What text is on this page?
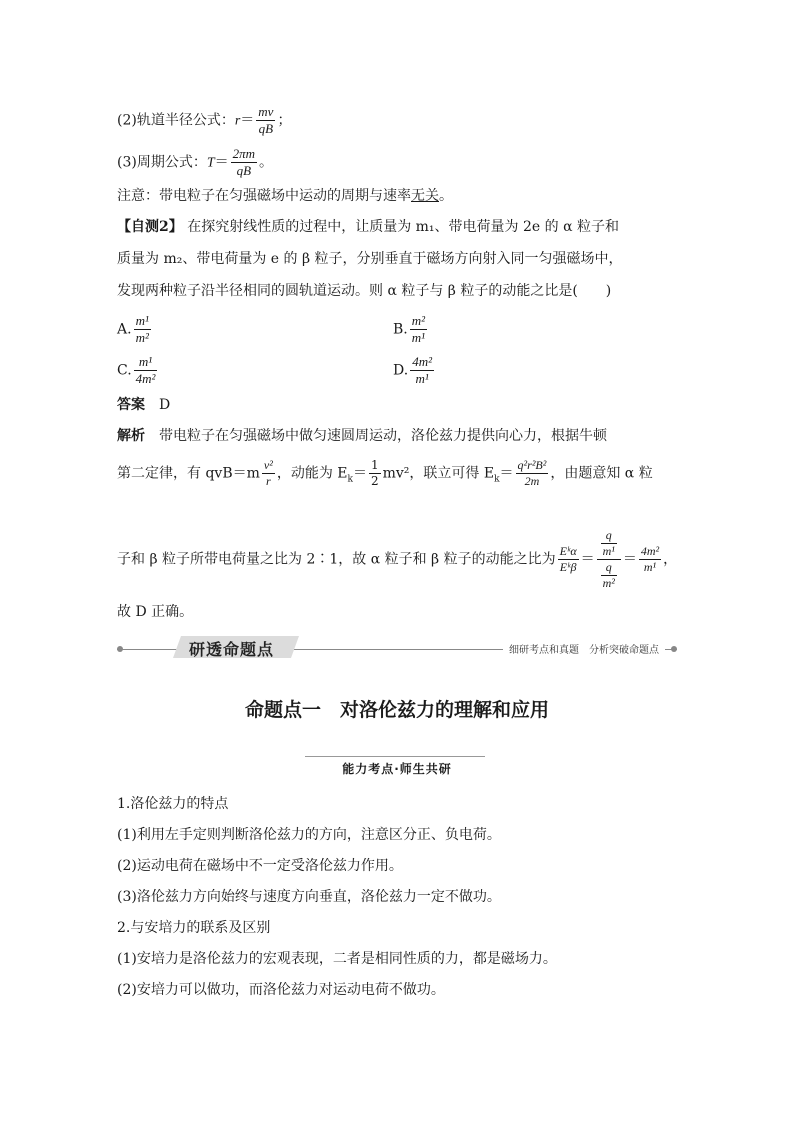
(2)轨道半径公式：$r= \frac{mv}{qB}$ ；
(3)周期公式：$T= \frac{2\pi m}{qB}$ 。
注意：带电粒子在匀强磁场中运动的周期与速率无关。
【自测2】 在探究射线性质的过程中，让质量为 m₁、带电荷量为 2e 的 α 粒子和
质量为 m₂、带电荷量为 e 的 β 粒子，分别垂直于磁场方向射入同一匀强磁场中，
发现两种粒子沿半径相同的圆轨道运动。则 α 粒子与 β 粒子的动能之比是(　　)
A. $\frac{\text{m¹}}{\text{m²}}$	B. $\frac{\text{m²}}{\text{m¹}}$
C. $\frac{\text{m¹}}{\text{4m²}}$	D. $\frac{\text{4m²}}{\text{m¹}}$
答案　 D
解析　 带电粒子在匀强磁场中做匀速圆周运动，洛伦兹力提供向心力，根据牛顿
第二定律，有 $qvB=m \frac{\text{v²}}{r}$ ，动能为 $E_k= \frac{1}{2} mv^2$，联立可得 $E_k= \frac{\text{q²r²B²}}{2m}$ ，由题意知 α 粒
子和 β 粒子所带电荷量之比为 2∶1，故 α 粒子和 β 粒子的动能之比为 $\frac{\text{Eᵏα}}{\text{Eᵏβ}} = \frac{\frac{q}{\text{m¹}}}{\frac{q}{\text{m²}}} = \frac{\text{4m²}}{\text{m¹}}$ ，
故 D 正确。
研透命题点	细研考点和真题　分析突破命题点
命题点一　对洛伦兹力的理解和应用
能力考点·师生共研
1.洛伦兹力的特点
(1)利用左手定则判断洛伦兹力的方向，注意区分正、负电荷。
(2)运动电荷在磁场中不一定受洛伦兹力作用。
(3)洛伦兹力方向始终与速度方向垂直，洛伦兹力一定不做功。
2.与安培力的联系及区别
(1)安培力是洛伦兹力的宏观表现，二者是相同性质的力，都是磁场力。
(2)安培力可以做功，而洛伦兹力对运动电荷不做功。
